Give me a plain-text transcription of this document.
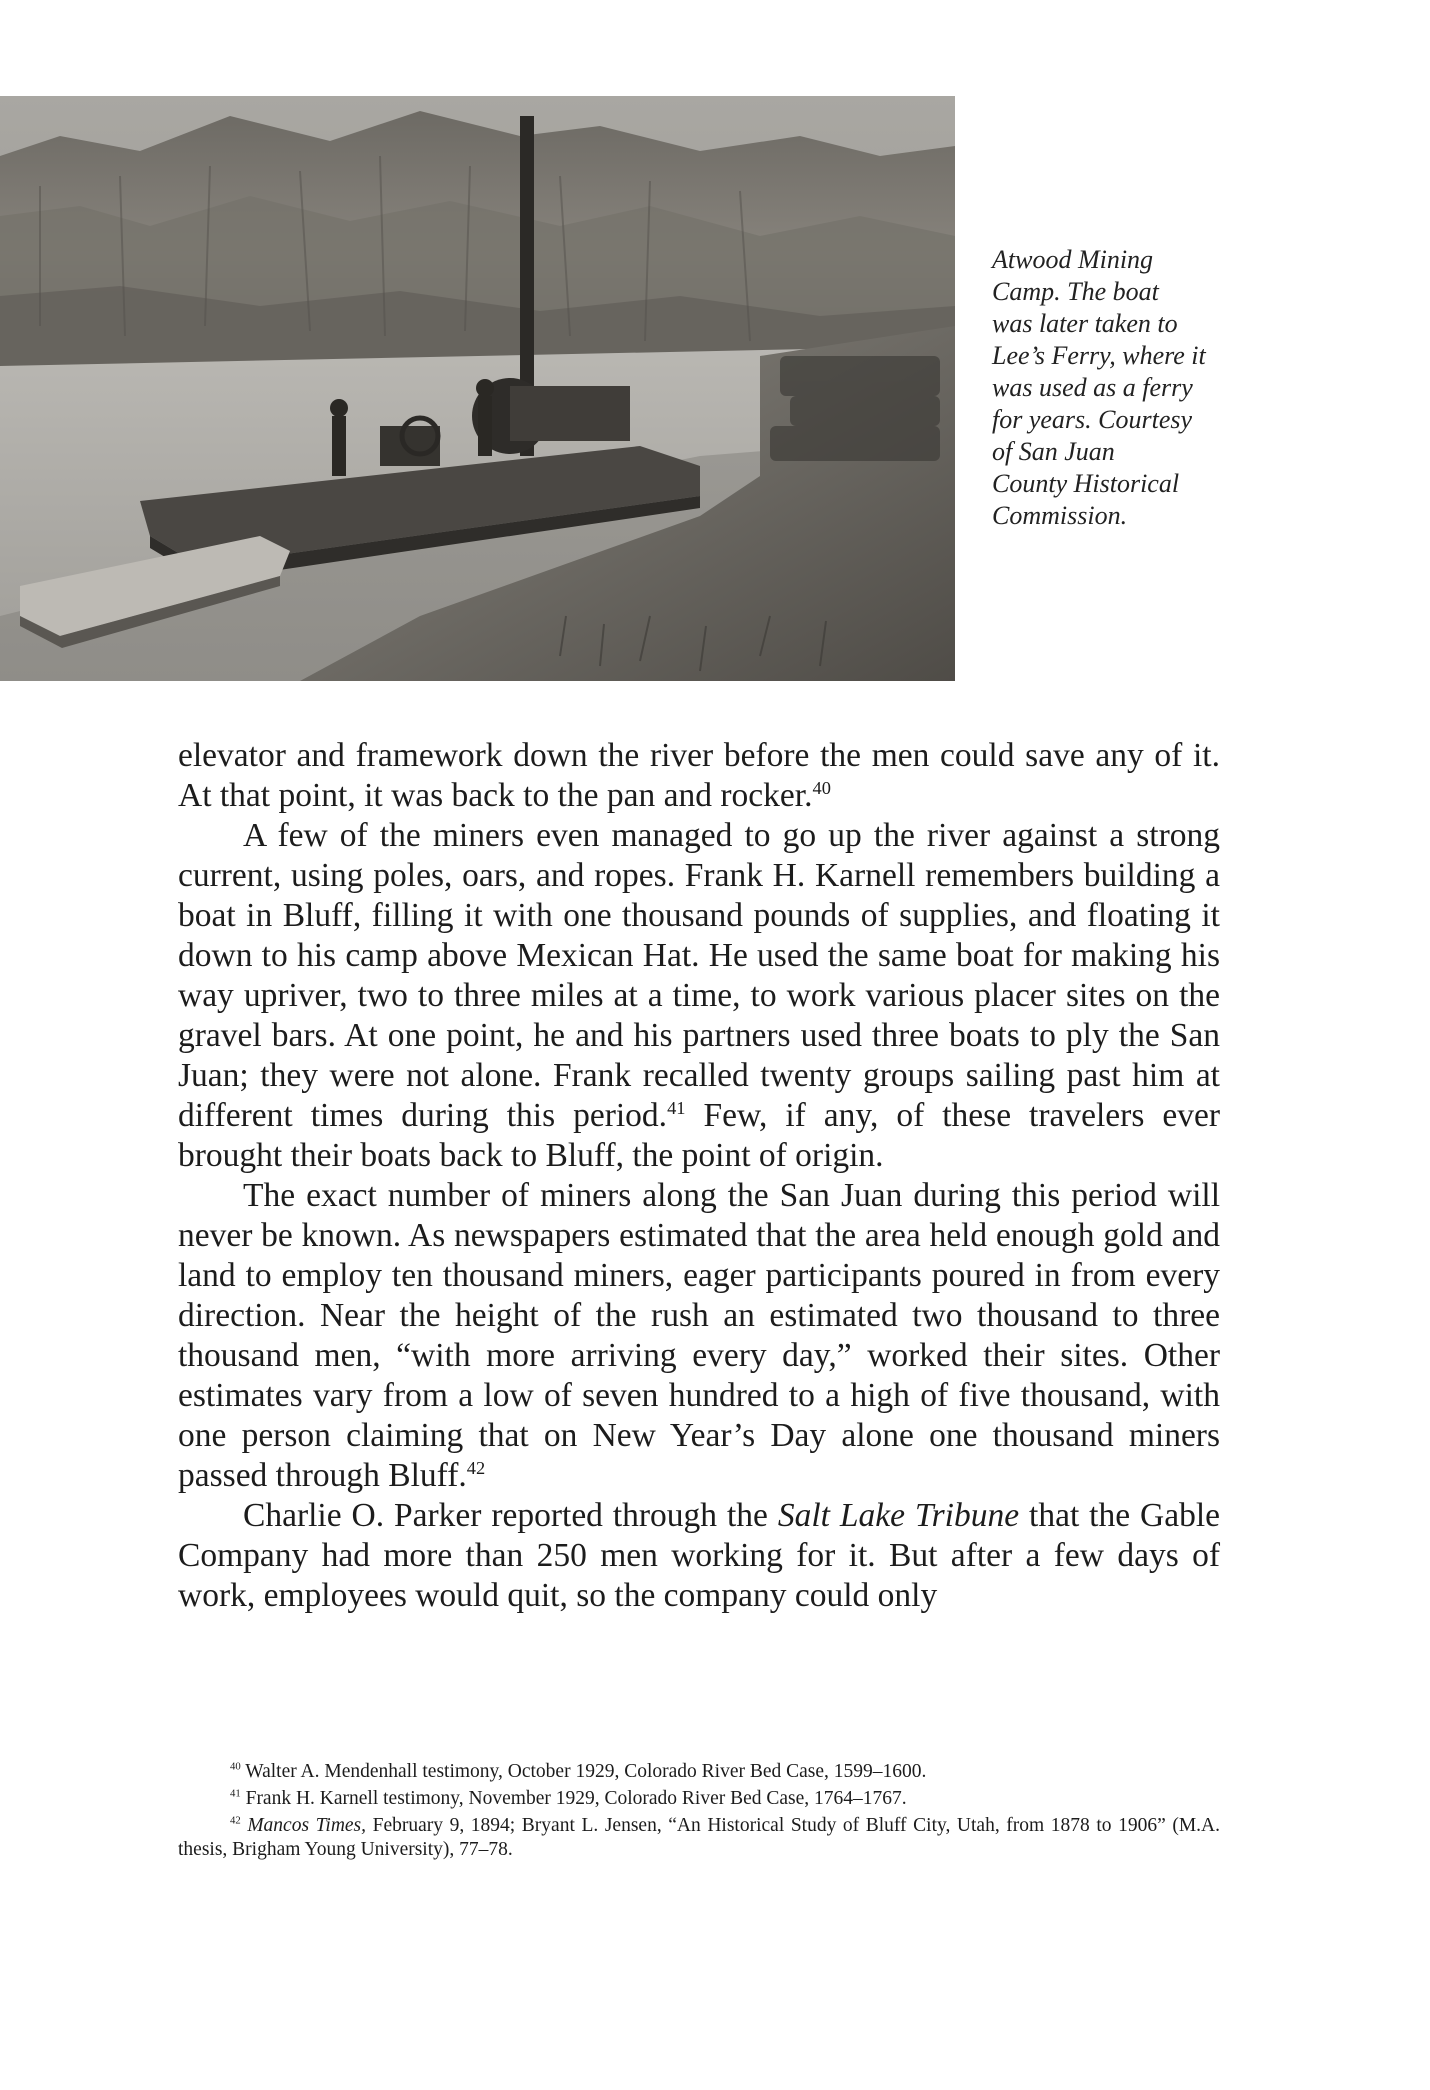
Atwood Mining
Camp. The boat
was later taken to
Lee’s Ferry, where it
was used as a ferry
for years. Courtesy
of San Juan
County Historical
Commission.

elevator and framework down the river before the men could save any of it. At that point, it was back to the pan and rocker.$^{40}$

A few of the miners even managed to go up the river against a strong current, using poles, oars, and ropes. Frank H. Karnell remembers building a boat in Bluff, filling it with one thousand pounds of supplies, and floating it down to his camp above Mexican Hat. He used the same boat for making his way upriver, two to three miles at a time, to work various placer sites on the gravel bars. At one point, he and his partners used three boats to ply the San Juan; they were not alone. Frank recalled twenty groups sailing past him at different times during this period.$^{41}$ Few, if any, of these travelers ever brought their boats back to Bluff, the point of origin.

The exact number of miners along the San Juan during this period will never be known. As newspapers estimated that the area held enough gold and land to employ ten thousand miners, eager participants poured in from every direction. Near the height of the rush an estimated two thousand to three thousand men, “with more arriving every day,” worked their sites. Other estimates vary from a low of seven hundred to a high of five thousand, with one person claiming that on New Year’s Day alone one thousand miners passed through Bluff.$^{42}$

Charlie O. Parker reported through the Salt Lake Tribune that the Gable Company had more than 250 men working for it. But after a few days of work, employees would quit, so the company could only

$^{40}$ Walter A. Mendenhall testimony, October 1929, Colorado River Bed Case, 1599–1600.

$^{41}$ Frank H. Karnell testimony, November 1929, Colorado River Bed Case, 1764–1767.

$^{42}$ Mancos Times, February 9, 1894; Bryant L. Jensen, “An Historical Study of Bluff City, Utah, from 1878 to 1906” (M.A. thesis, Brigham Young University), 77–78.
